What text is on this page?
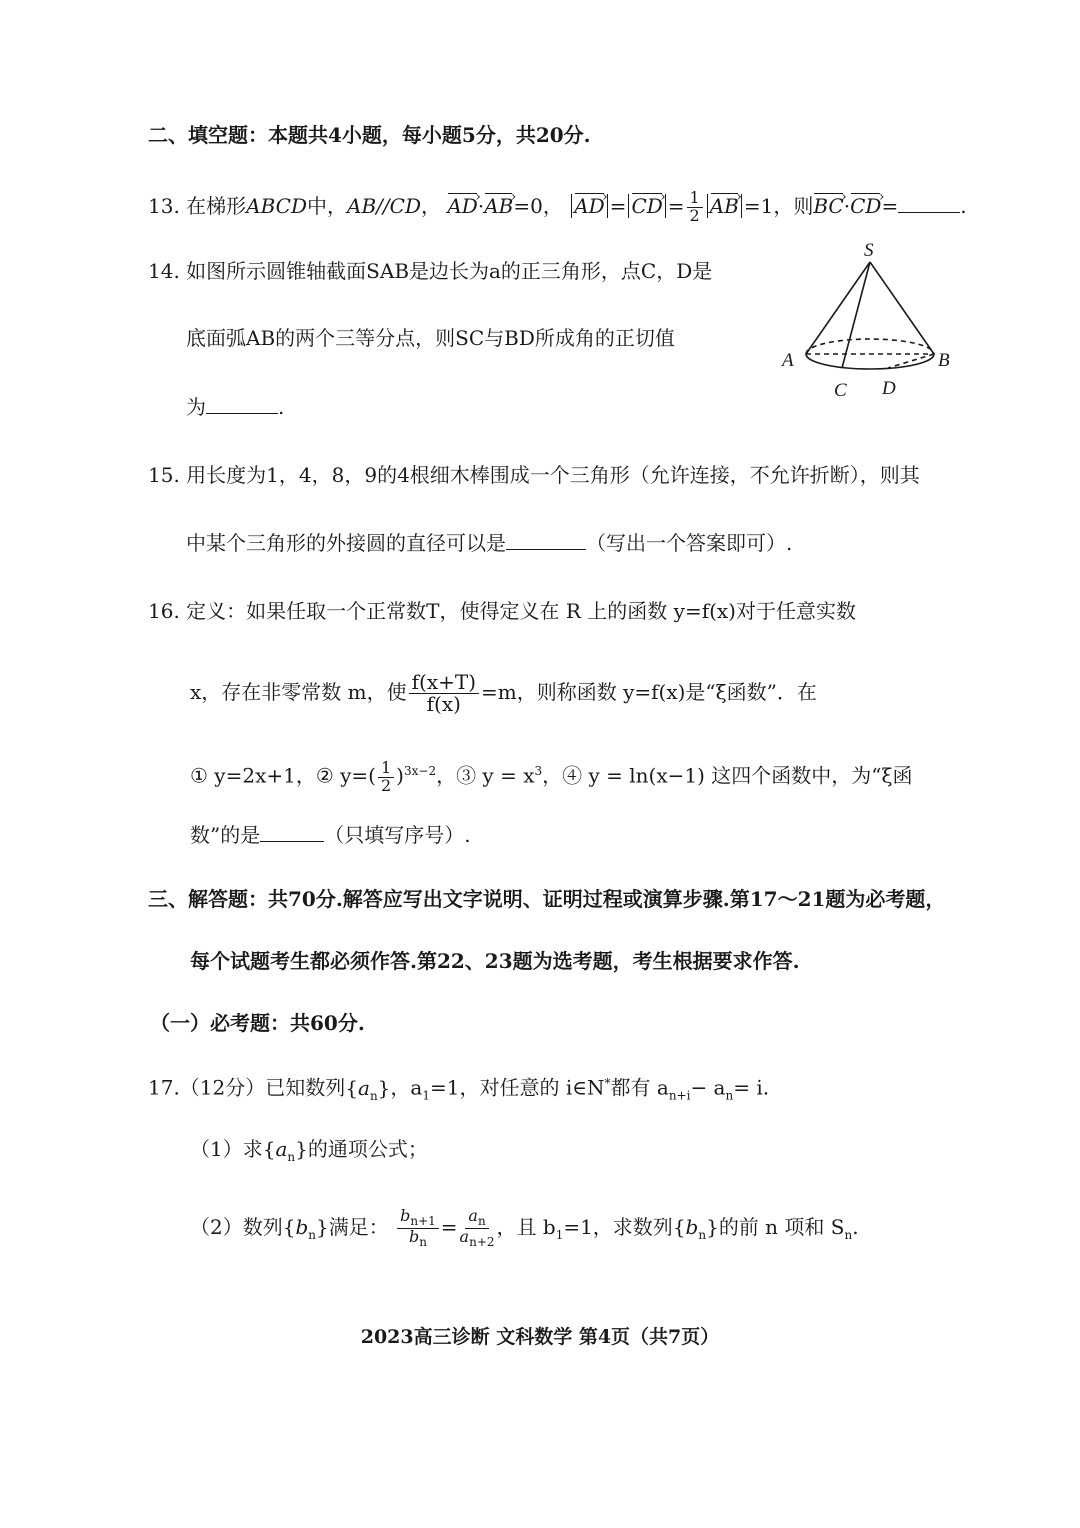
二、填空题：本题共4小题，每小题5分，共20分.
13. 在梯形ABCD中，AB//CD， AD ›·AB ›=0， AD › = CD › = $\frac{1}{2}$ AB › =1，则BC ›·CD ›=	.
14. 如图所示圆锥轴截面SAB是边长为a的正三角形，点C，D是
底面弧AB的两个三等分点，则SC与BD所成角的正切值
为	.
S
A	B
C D
15. 用长度为1，4，8，9的4根细木棒围成一个三角形（允许连接，不允许折断），则其
中某个三角形的外接圆的直径可以是	（写出一个答案即可）.
16. 定义：如果任取一个正常数T，使得定义在 R 上的函数 y=f(x)对于任意实数
x，存在非零常数 m，使 $\frac{f(x+T)}{f(x)} =m$，则称函数 y=f(x)是“ξ函数”．在
① y=2x+1，② $y=( \frac{1}{2} )^{3x-2}$，③ $y = x^3$，④ y = ln(x−1) 这四个函数中，为“ξ函
数”的是	（只填写序号）.
三、解答题：共70分.解答应写出文字说明、证明过程或演算步骤.第17～21题为必考题，
每个试题考生都必须作答.第22、23题为选考题，考生根据要求作答.
（一）必考题：共60分.
17.（12分）已知数列$\{a_n\}$，$a_1=1$，对任意的 i∈N*都有 $a_{n+i}- a_n= i$.
（1）求$\{a_n\}$的通项公式；
（2）数列$\{b_n\}$满足： $\frac{b_{n+1}}{b_n} = \frac{a_n}{a_{n+2}}$ ，且 $b_1=1$，求数列$\{b_n\}$的前 n 项和 $S_n$.
2023高三诊断 文科数学 第4页（共7页）
